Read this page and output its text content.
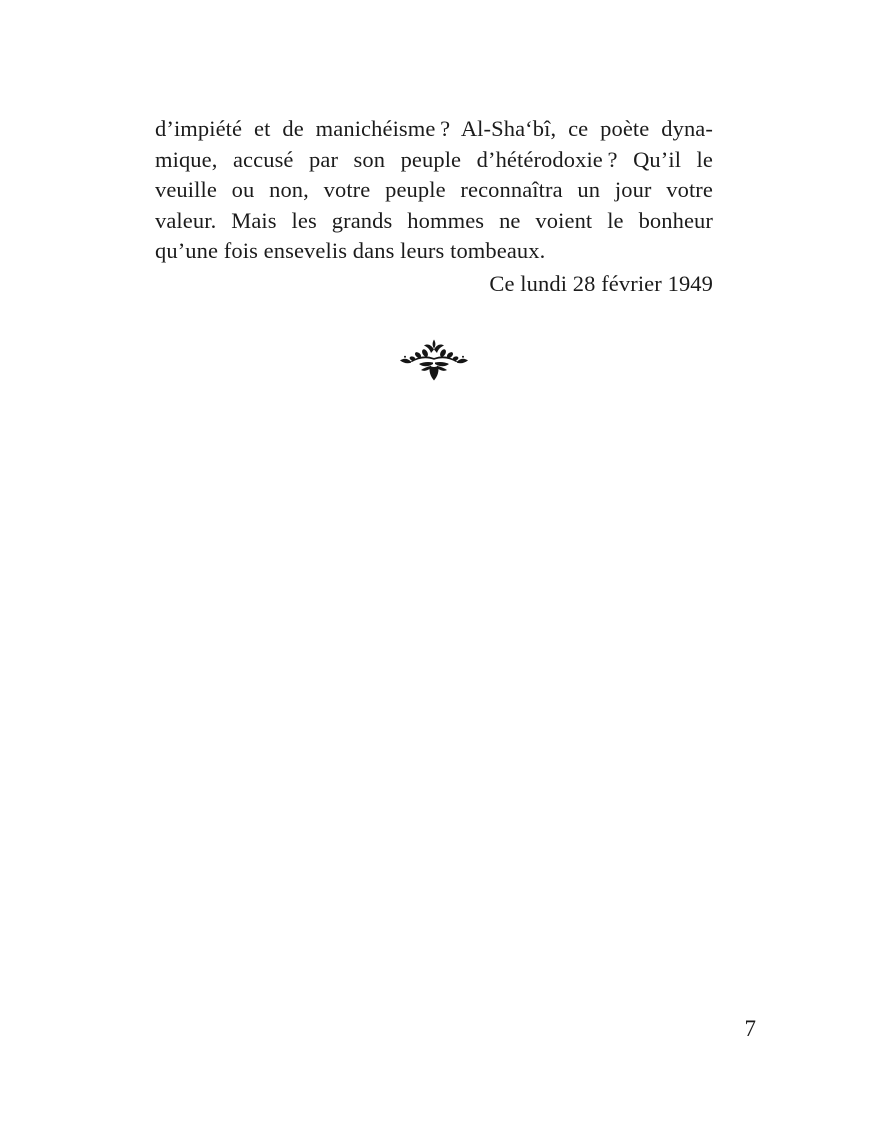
d’impiété et de manichéisme ? Al-Sha‘bî, ce poète dyna-
mique, accusé par son peuple d’hétérodoxie ? Qu’il le
veuille ou non, votre peuple reconnaîtra un jour votre
valeur. Mais les grands hommes ne voient le bonheur
qu’une fois ensevelis dans leurs tombeaux.
Ce lundi 28 février 1949
7
